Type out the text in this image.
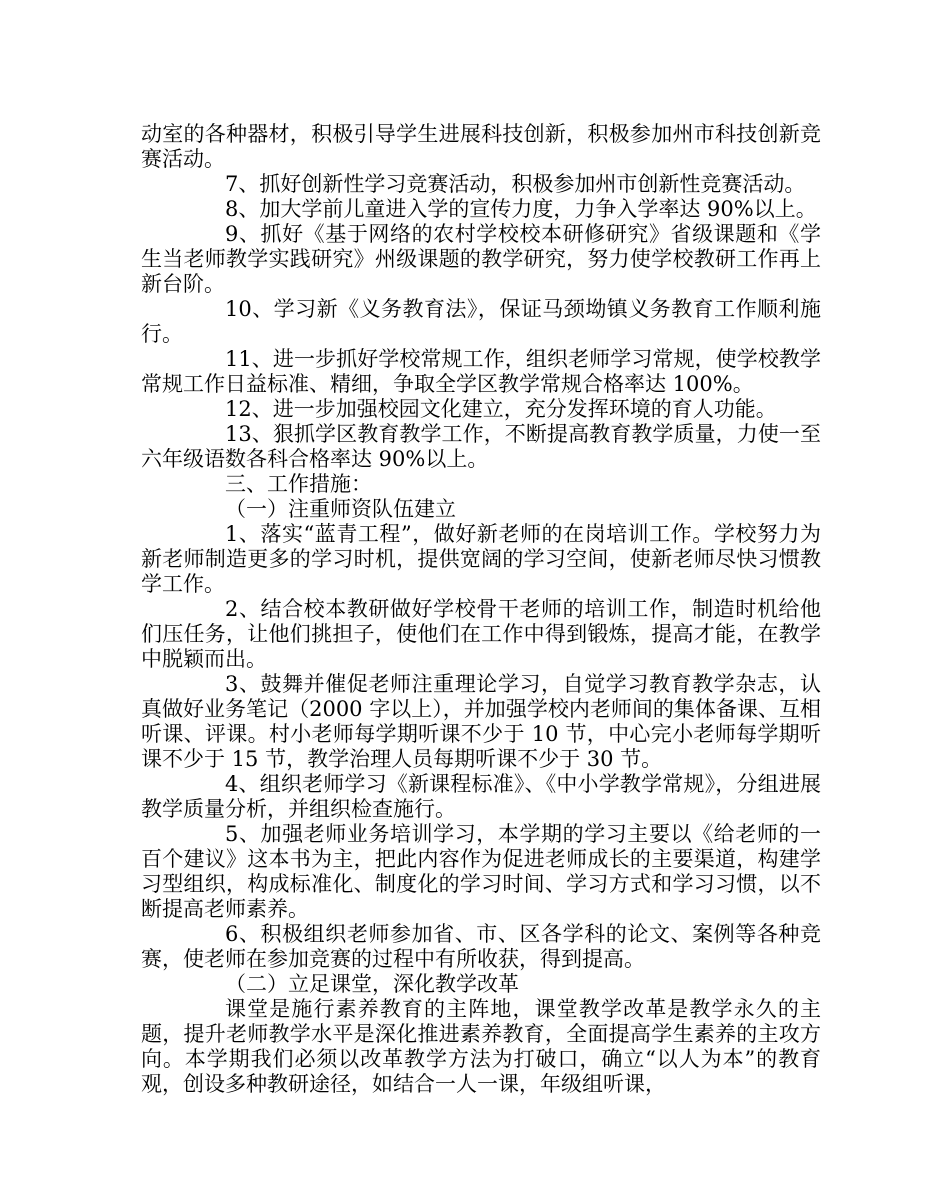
动室的各种器材，积极引导学生进展科技创新，积极参加州市科技创新竞赛活动。

7、抓好创新性学习竞赛活动，积极参加州市创新性竞赛活动。

8、加大学前儿童进入学的宣传力度，力争入学率达 90%以上。

9、抓好《基于网络的农村学校校本研修研究》省级课题和《学生当老师教学实践研究》州级课题的教学研究，努力使学校教研工作再上新台阶。

10、学习新《义务教育法》，保证马颈坳镇义务教育工作顺利施行。

11、进一步抓好学校常规工作，组织老师学习常规，使学校教学常规工作日益标准、精细，争取全学区教学常规合格率达 100%。

12、进一步加强校园文化建立，充分发挥环境的育人功能。

13、狠抓学区教育教学工作，不断提高教育教学质量，力使一至六年级语数各科合格率达 90%以上。

三、工作措施：

（一）注重师资队伍建立

1、落实“蓝青工程”，做好新老师的在岗培训工作。学校努力为新老师制造更多的学习时机，提供宽阔的学习空间，使新老师尽快习惯教学工作。

2、结合校本教研做好学校骨干老师的培训工作，制造时机给他们压任务，让他们挑担子，使他们在工作中得到锻炼，提高才能，在教学中脱颖而出。

3、鼓舞并催促老师注重理论学习，自觉学习教育教学杂志，认真做好业务笔记（2000 字以上），并加强学校内老师间的集体备课、互相听课、评课。村小老师每学期听课不少于 10 节，中心完小老师每学期听课不少于 15 节，教学治理人员每期听课不少于 30 节。

4、组织老师学习《新课程标准》、《中小学教学常规》，分组进展教学质量分析，并组织检查施行。

5、加强老师业务培训学习，本学期的学习主要以《给老师的一百个建议》这本书为主，把此内容作为促进老师成长的主要渠道，构建学习型组织，构成标准化、制度化的学习时间、学习方式和学习习惯，以不断提高老师素养。

6、积极组织老师参加省、市、区各学科的论文、案例等各种竞赛，使老师在参加竞赛的过程中有所收获，得到提高。

（二）立足课堂，深化教学改革

课堂是施行素养教育的主阵地，课堂教学改革是教学永久的主题，提升老师教学水平是深化推进素养教育，全面提高学生素养的主攻方向。本学期我们必须以改革教学方法为打破口，确立“以人为本”的教育观，创设多种教研途径，如结合一人一课，年级组听课，
